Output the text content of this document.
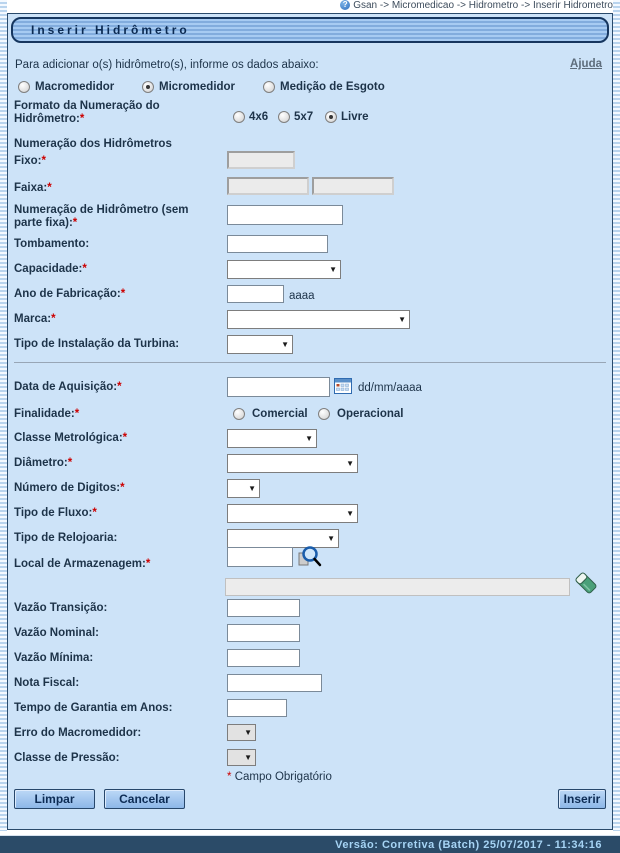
? Gsan -> Micromedicao -> Hidrometro -> Inserir Hidrometro
Inserir Hidrômetro
Para adicionar o(s) hidrômetro(s), informe os dados abaixo:	Ajuda
Macromedidor	Micromedidor	Medição de Esgoto
Formato da Numeração do Hidrômetro:*	4x6 5x7 Livre
Numeração dos Hidrômetros
Fixo:*
Faixa:*
Numeração de Hidrômetro (sem parte fixa):*
Tombamento:
Capacidade:*	▼
Ano de Fabricação:*	aaaa
Marca:*	▼
Tipo de Instalação da Turbina:	▼
Data de Aquisição:*	dd/mm/aaaa
Finalidade:*	Comercial	Operacional
Classe Metrológica:*	▼
Diâmetro:*	▼
Número de Digitos:*	▼
Tipo de Fluxo:*	▼
Tipo de Relojoaria:	▼
Local de Armazenagem:*
Vazão Transição:
Vazão Nominal:
Vazão Mínima:
Nota Fiscal:
Tempo de Garantia em Anos:
Erro do Macromedidor:	▼
Classe de Pressão:	▼
* Campo Obrigatório
Limpar	Cancelar	Inserir
Versão: Corretiva (Batch) 25/07/2017 - 11:34:16
